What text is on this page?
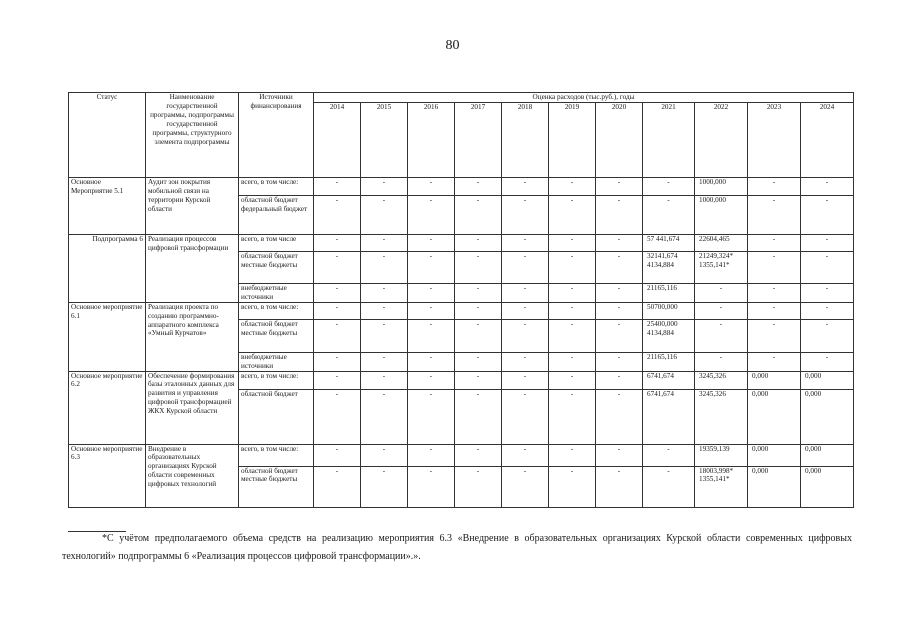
80
Статус	Наименование государственной программы, подпрограммы государственной программы, структурного элемента подпрограммы	Источники финансирования	Оценка расходов (тыс.руб.), годы										
			2014	2015	2016	2017	2018	2019	2020	2021	2022	2023	2024
Основное Мероприятие 5.1	Аудит зон покрытия мобильной связи на территории Курской области	всего, в том числе:	-	-	-	-	-	-	-	-	1000,000	-	-
		областной бюджет федеральный бюджет	-	-	-	-	-	-	-	-	1000,000	-	-
Подпрограмма 6	Реализация процессов цифровой трансформации	всего, в том числе	-	-	-	-	-	-	-	57 441,674	22604,465	-	-
		областной бюджет местные бюджеты	-	-	-	-	-	-	-	32141,674 4134,884	21249,324* 1355,141*	-	-
		внебюджетные источники	-	-	-	-	-	-	-	21165,116	-	-	-
Основное мероприятие 6.1	Реализация проекта по созданию программно-аппаратного комплекса «Умный Курчатов»	всего, в том числе:	-	-	-	-	-	-	-	50700,000	-	-	-
		областной бюджет местные бюджеты	-	-	-	-	-	-	-	25400,000 4134,884	-	-	-
		внебюджетные источники	-	-	-	-	-	-	-	21165,116	-	-	-
Основное мероприятие 6.2	Обеспечение формирования базы эталонных данных для развития и управления цифровой трансформацией ЖКХ Курской области	всего, в том числе:	-	-	-	-	-	-	-	6741,674	3245,326	0,000	0,000
		областной бюджет	-	-	-	-	-	-	-	6741,674	3245,326	0,000	0,000
Основное мероприятие 6.3	Внедрение в образовательных организациях Курской области современных цифровых технологий	всего, в том числе:	-	-	-	-	-	-	-	-	19359,139	0,000	0,000
		областной бюджет местные бюджеты	-	-	-	-	-	-	-	-	18003,998* 1355,141*	0,000	0,000
*С учётом предполагаемого объема средств на реализацию мероприятия 6.3 «Внедрение в образовательных организациях Курской области современных цифровых технологий» подпрограммы 6 «Реализация процессов цифровой трансформации».».
